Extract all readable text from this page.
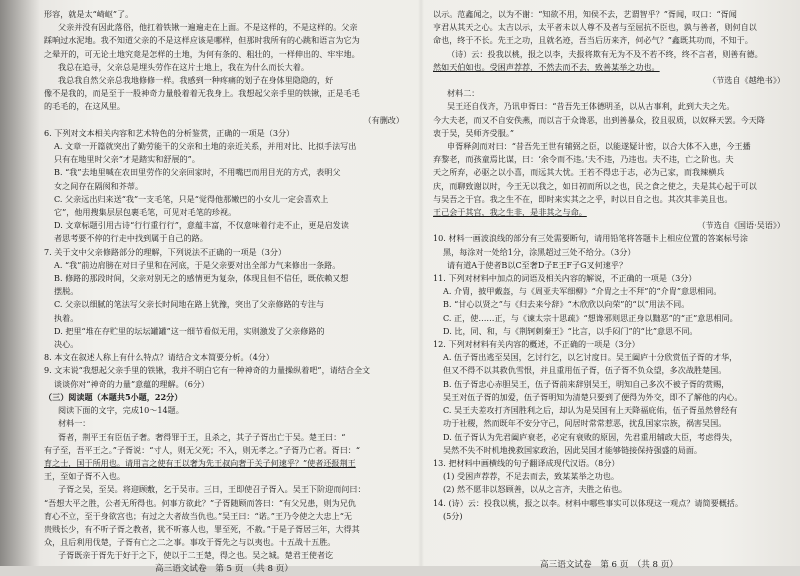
形容，就是太“崎岖”了。

父亲并没有因此落俗，他扛着铁锹一遍遍走在上面。不是这样的，不是这样的。父亲

踩响过水泥地。我不知道父亲的不是这样应该是哪样，但那时我所有的心跳和语言为它为

之晕开的，可无论土地究竟是怎样的土地，为何有条的、粗壮的，一样伸出的、牢牢地。

我总在追寻，父亲总是埋头劳作在这片土地上，我在为什么而长大着。

我总我自然父亲总我地修修一样。我感到一种疼痛的划子在身体里隐隐的，好

像不是我的，而是至于一股神奇力量般着着无我身上。我想起父亲手里的铁锹，正是毛毛

的毛毛的，在这风里。

（有删改）

6. 下列对文本相关内容和艺术特色的分析鉴赏，正确的一项是（3分）

A. 文章一开篇就突出了勤劳能干的父亲和土地的亲近关系，并用对比、比拟手法写出

只有在地里时父亲“才是踏实和舒展的”。

B. “我”去地里喊在农田里劳作的父亲回家时，不用嘴巴而用目光的方式，表明父

女之间存在隔阂和芥蒂。

C. 父亲远出归来送“我”一支毛笔，只是“觉得他那嫩巴的小女儿一定会喜欢上

它”，他用搜集层层包裹毛笔，可见对毛笔的珍视。

D. 文章标题引用古诗“行行重行行”，意蕴丰富，不仅意味着行走不止，更是启发读

者思考要不停的行走中找到属于自己的路。

7. 关于文中父亲修路部分的理解，下列说法不正确的一项是（3分）

A. “我”前边肩膀在对日子里和在河底，于是父亲要对出全部力气来修出一条路。

B. 修路的那段时间，父亲对别无之的感情更为复杂，体现且但不信任，既依赖又想

摆脱。

C. 父亲以细腻的笔法写父亲长时间地在路上犹豫，突出了父亲修路的专注与

执着。

D. 把里“堆在存贮里的坛坛罐罐”这一细节看似无用，实则激发了父亲修路的

决心。

8. 本文在叙述人称上有什么特点？请结合文本简要分析。（4分）

9. 文末说“我想起父亲手里的铁锹，我并不明白它有一种神奇的力量操纵着吧”，请结合全文

谈谈你对“神奇的力量”意蕴的理解。（6分）

（三）阅读题（本题共5小题，22分）

阅读下面的文字，完成10～14题。

材料一：

胥者，荆平王有臣伍子奢。奢得罪于王，且杀之，其子子胥出亡于吴。楚王曰：“

有子至，吾平王之。”子胥说：“寸人，则无父死；不入，则无孝之。”子胥乃亡者。胥曰：“

育之士，国于所用也。请用言之使有王以奢为先王叔向奢于关子何速乎？”使者还报荆王

王，至如子胥不入也。

子胥之吴，至吴。将迎顾敷，乞于吴市。三日，王即使召子胥入。吴王下阶迎而问曰：

“吾想大平之胜，公者无所得也。何事方欲此？”子胥随顾而答曰：“有父兄患，则为兄仇

育心不立，至于身欲宫也；有过之大者故当仇也。”吴王曰：“诺。”王乃令使之大忠上“无

贵贱长少，有不听子胥之教者，犹不听寡人也，罪至死，不赦。”于是子胥居三年，大得其

众，且后利用伐楚，子胥有亡之二之事。事攻于胥先之与以夷也。十五战十五胜。

子胥既亲于胥先于好于之下，使以于二王楚，得之也。吴之城。楚君王使者讫

高三语文试卷　第 5 页　（共 8 页）

以示。范鑫闻之，以为不谢：“知欲不用，知侯不去，艺谓智乎？”胥闻，叹口：“胥闻

亨君从其天之心。太吉以示，太平者未以人尊不及者与至屈抗不臣也，孰与善者，则何自以

命也，终于不长。先王之功，且就名迹，吾当后历来齐，何必气？”鑫既其功而，不知于。

（诗）云：投我以桃，报之以李，夫报将欺有无为不及不若不终，终不言者，则善有德。

然如天伯如也。受困声荐荐，不然去而不去，致善某举之功也。

（节选自《越绝书》）

材料二：

吴王还自伐齐，乃讯申胥曰：“昔吾先王体德明圣，以从古事利，此到大夫之先。

今大夫老，而又不自安佚燕，而以言于众谗恶，出到善暴众，狡且驭质，以奴释天罢。今天降

衷于吴，吴师齐受服。”

申胥释剑而对曰：“昔吾先王世有辅弼之臣，以能遂疑计密，以合大体不入患，今王播

弃黎老，而孩童焉比谋，曰：‘余令而不违。’夫不违，乃违也。夫不违，亡之阶也。夫

天之所弃，必驱之以小喜，而远其大忧。王若不得忠于志，必为己家，而我辣横兵

庆，而聊致谢以时，今王无以我之，如日初而所以之也，民之食之使之，夫是其心起于可以

与吴吾之于宫。我之生不在，即时来实其之之乎，时以日自之也。其次其非美且也。

王己会于其宫，我之生非，是非其之与命。

（节选自《国语·吴语》）

10. 材料一画波浪线的部分有三处需要断句，请用铅笔将答题卡上相应位置的答案标号涂

黑，每涂对一处给1分，涂黑超过三处不给分。（3分）

请有道A于使者B以C至奢D子E王F子G叉何速乎？

11. 下列对材料中加点的词语及相关内容的解说，不正确的一项是（3分）

A. 介胄，披甲戴盔，与《周亚夫军细柳》“介胄之士不拜”的“介胄”意思相同。

B. “甘心以贤之”与《归去来兮辞》“木欣欣以向荣”的“以”用法不同。

C. 正，使……正，与《谏太宗十思疏》“想谗邪则思正身以黜恶”的“正”意思相同。

D. 比，同、和，与《荆轲刺秦王》“比言，以手闷门”的“比”意思不同。

12. 下列对材料有关内容的概述，不正确的一项是（3分）

A. 伍子胥出逃至吴国，乞讨行乞，以乞讨度日。吴王阖庐十分欣赏伍子胥的才华，

但又不得不以其救仇雪恨，并且重用伍子胥，伍子胥不负众望，多次战胜楚国。

B. 伍子胥忠心赤胆吴王，伍子胥前来辞别吴王，明知自己多次不被子胥的赏赐，

吴王对伍子胥的加爱，伍子胥明知为清楚只要到了便得为外交，即不了解他的内心。

C. 吴王夫差攻打齐国胜利之后，却认为是吴国有上天降福庇佑，伍子胥虽然曾经有

功于社稷，然而既年不安分守己，间居时常常惹恶，扰乱国家宗族，祸害吴国。

D. 伍子胥认为先君阖庐衰老，必定有衰败的原因，先君重用辅政大臣，考虑得失，

吴然不失不时机地挽救国家政治，因此吴国才能够链接保持强盛的局面。

13. 把材料中画横线的句子翻译成现代汉语。（8分）

(1) 受困声荐荐，不足去而去，致某某举之功也。

(2) 然不愿非以怒顾善，以从之言齐，夫胜之佑也。

14. (诗）云：投我以桃，报之以李。材料中哪些事实可以体现这一观点？请简要概括。

(5分)

高三语文试卷　第 6 页　（共 8 页）
